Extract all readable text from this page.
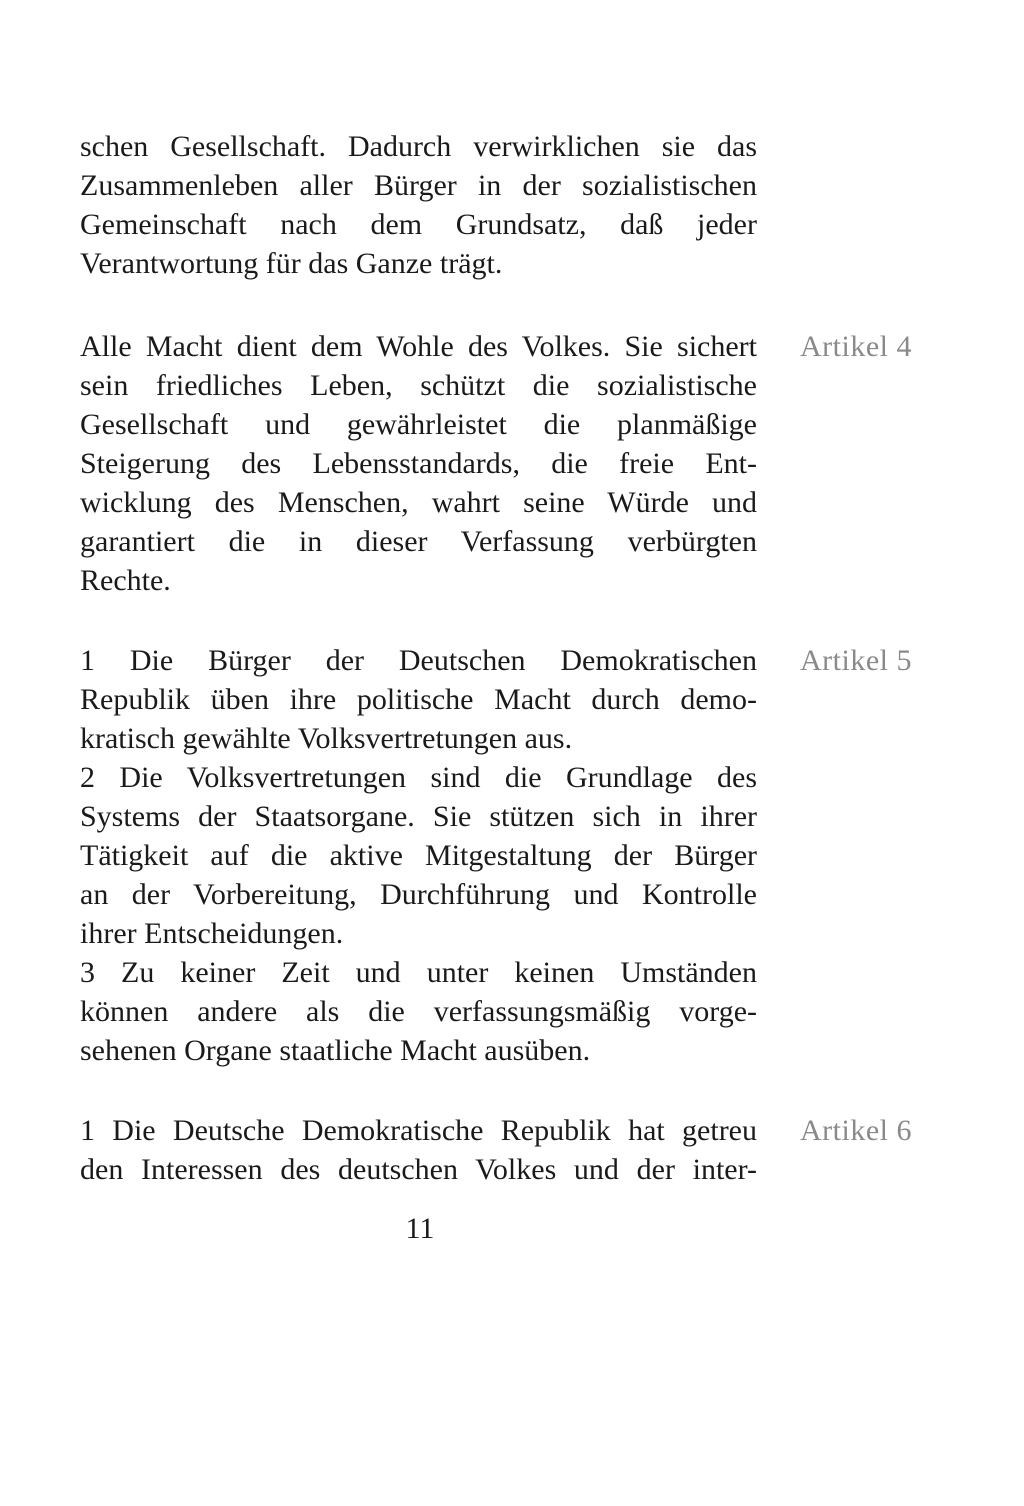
schen Gesellschaft. Dadurch verwirklichen sie das
Zusammenleben aller Bürger in der sozialistischen
Gemeinschaft nach dem Grundsatz, daß jeder
Verantwortung für das Ganze trägt.
Artikel 4
Alle Macht dient dem Wohle des Volkes. Sie sichert
sein friedliches Leben, schützt die sozialistische
Gesellschaft und gewährleistet die planmäßige
Steigerung des Lebensstandards, die freie Ent-
wicklung des Menschen, wahrt seine Würde und
garantiert die in dieser Verfassung verbürgten
Rechte.
Artikel 5
1 Die Bürger der Deutschen Demokratischen
Republik üben ihre politische Macht durch demo-
kratisch gewählte Volksvertretungen aus.
2 Die Volksvertretungen sind die Grundlage des
Systems der Staatsorgane. Sie stützen sich in ihrer
Tätigkeit auf die aktive Mitgestaltung der Bürger
an der Vorbereitung, Durchführung und Kontrolle
ihrer Entscheidungen.
3 Zu keiner Zeit und unter keinen Umständen
können andere als die verfassungsmäßig vorge-
sehenen Organe staatliche Macht ausüben.
Artikel 6
1 Die Deutsche Demokratische Republik hat getreu
den Interessen des deutschen Volkes und der inter-
11
